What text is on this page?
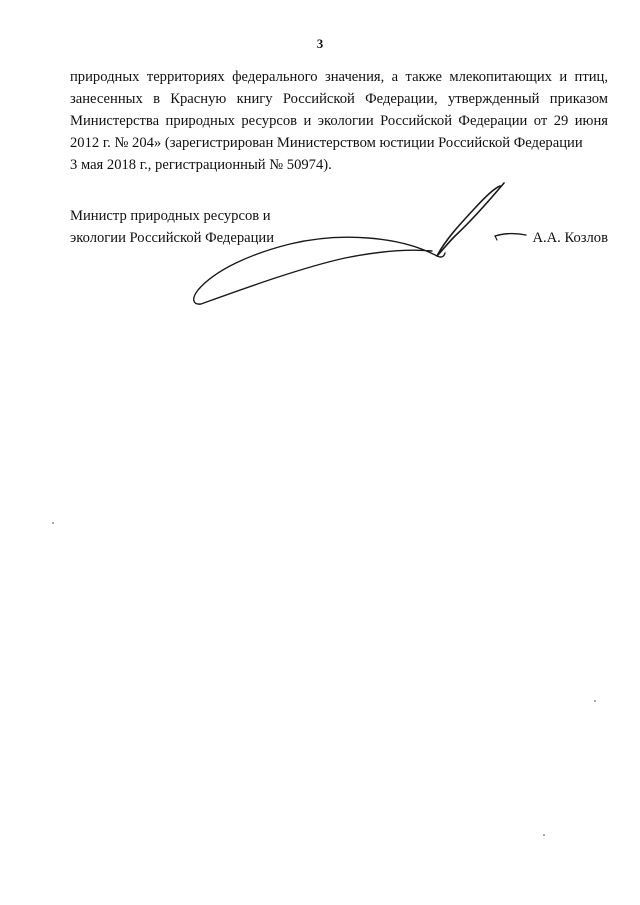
3

природных территориях федерального значения, а также млекопитающих и птиц, занесенных в Красную книгу Российской Федерации, утвержденный приказом Министерства природных ресурсов и экологии Российской Федерации от 29 июня 2012 г. № 204» (зарегистрирован Министерством юстиции Российской Федерации
3 мая 2018 г., регистрационный № 50974).

Министр природных ресурсов и
экологии Российской Федерации	А.А. Козлов
